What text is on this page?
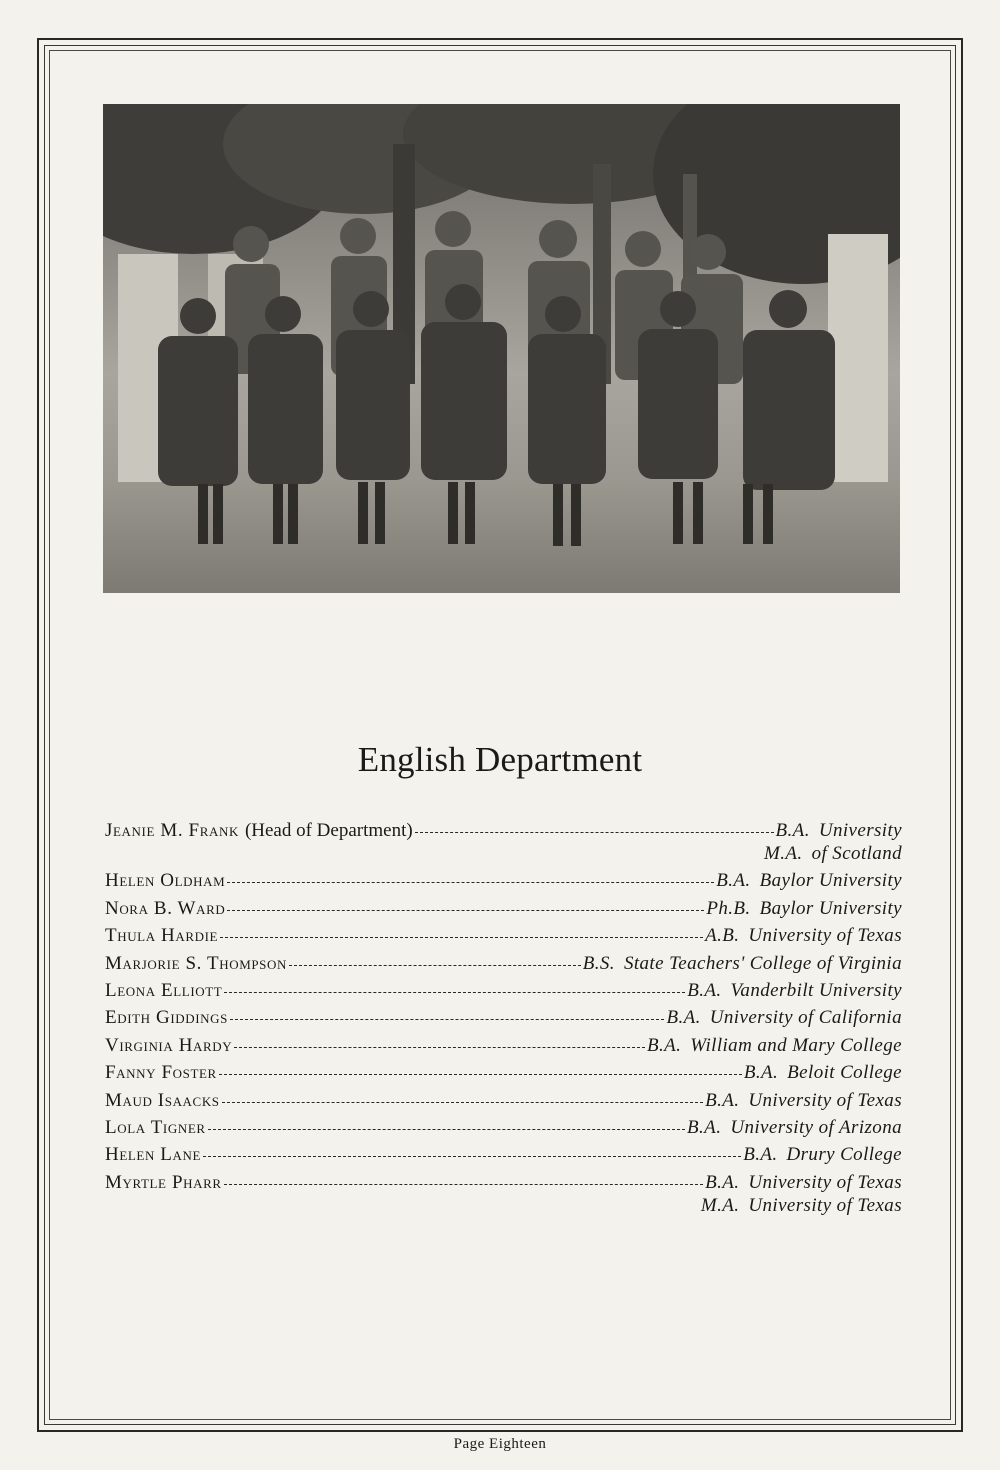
English Department
Jeanie M. Frank (Head of Department)	B.A. University
M.A. of Scotland
Helen Oldham	B.A. Baylor University
Nora B. Ward	Ph.B. Baylor University
Thula Hardie	A.B. University of Texas
Marjorie S. Thompson	B.S. State Teachers' College of Virginia
Leona Elliott	B.A. Vanderbilt University
Edith Giddings	B.A. University of California
Virginia Hardy	B.A. William and Mary College
Fanny Foster	B.A. Beloit College
Maud Isaacks	B.A. University of Texas
Lola Tigner	B.A. University of Arizona
Helen Lane	B.A. Drury College
Myrtle Pharr	B.A. University of Texas
M.A. University of Texas
Page Eighteen
